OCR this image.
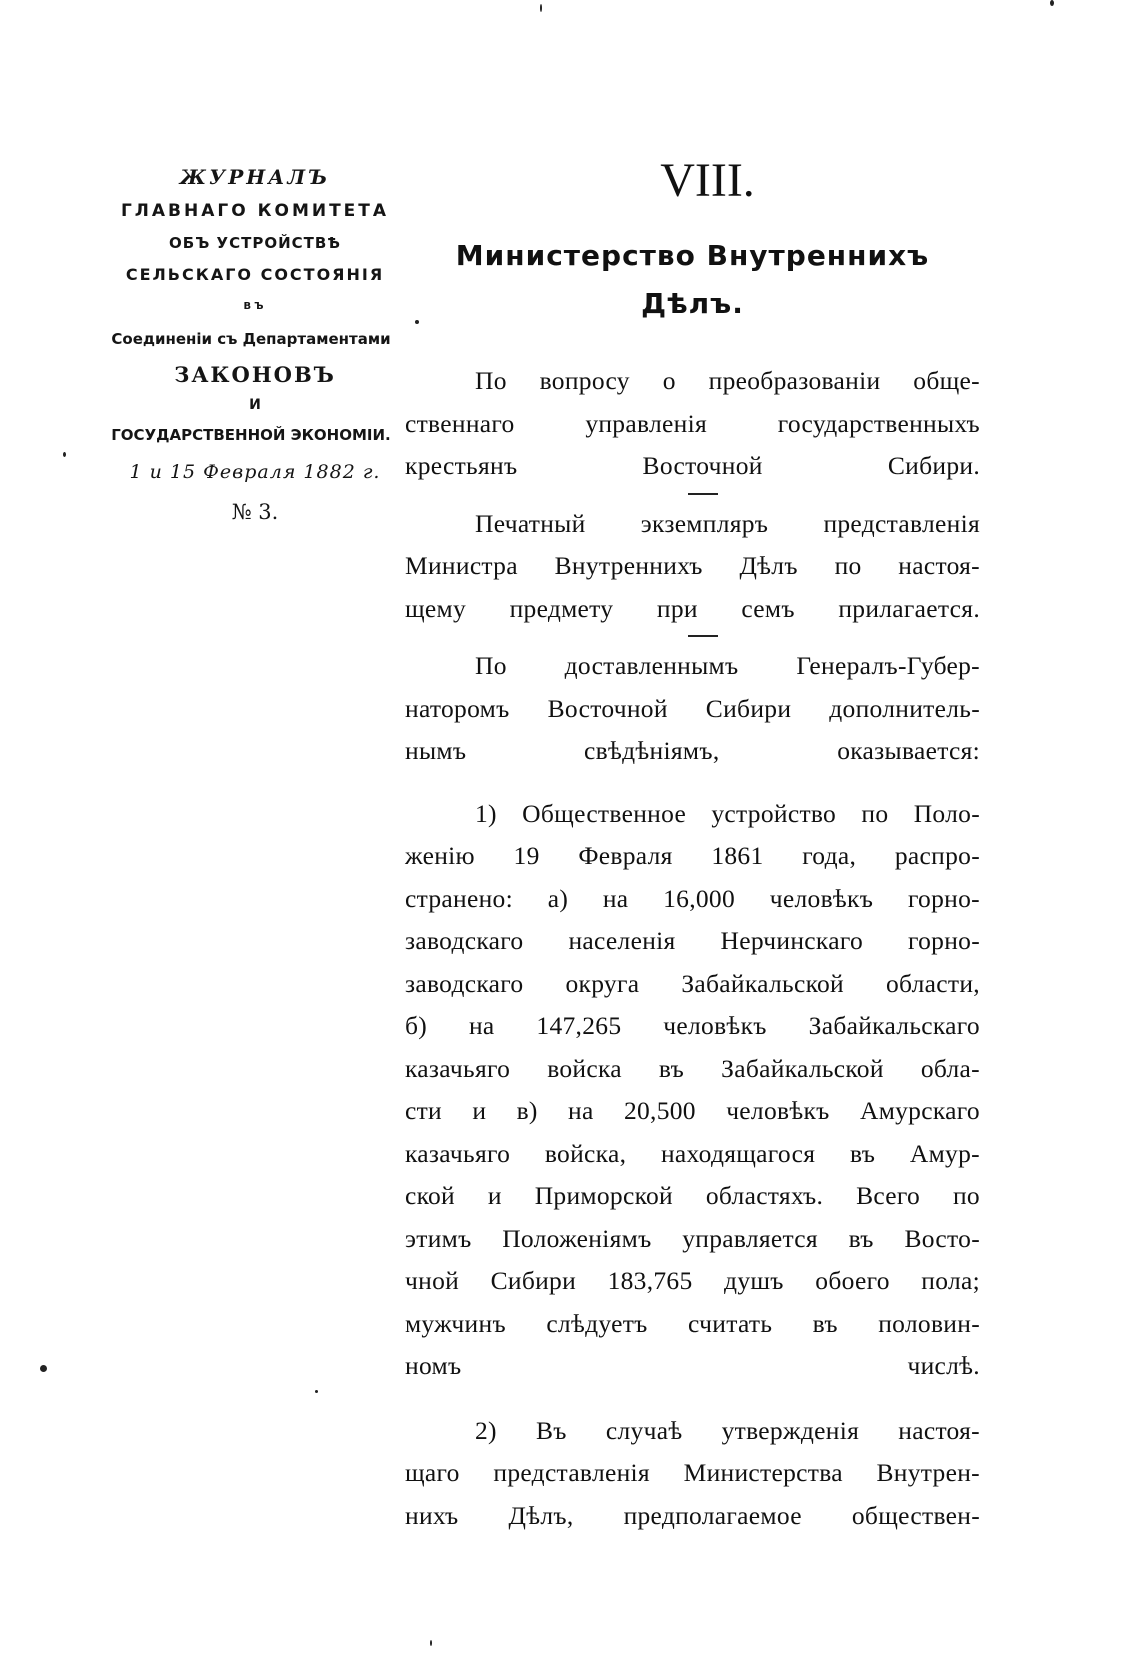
ЖУРНАЛЪ
ГЛАВНАГО КОМИТЕТА
ОБЪ УСТРОЙСТВѢ
СЕЛЬСКАГО СОСТОЯНІЯ
ВЪ
Соединеніи съ Департаментами
ЗАКОНОВЪ
И
ГОСУДАРСТВЕННОЙ ЭКОНОМІИ.
1 и 15 Февраля 1882 г.
№ 3.
VIII.
Министерство Внутреннихъ
Дѣлъ.
По вопросу о преобразованіи обще-
ственнаго	управленія	государственныхъ
крестьянъ Восточной Сибири.
Печатный экземпляръ представленія
Министра Внутреннихъ Дѣлъ по настоя-
щему предмету при семъ прилагается.
По доставленнымъ Генералъ-Губер-
наторомъ Восточной Сибири дополнитель-
нымъ свѣдѣніямъ, оказывается:
1) Общественное устройство по Поло-
женію 19 Февраля 1861 года, распро-
странено: а) на 16,000 человѣкъ горно-
заводскаго населенія Нерчинскаго горно-
заводскаго округа Забайкальской области,
б) на 147,265 человѣкъ Забайкальскаго
казачьяго войска въ Забайкальской обла-
сти и в) на 20,500 человѣкъ Амурскаго
казачьяго войска, находящагося въ Амур-
ской и Приморской областяхъ. Всего по
этимъ Положеніямъ управляется въ Восто-
чной Сибири 183,765 душъ обоего пола;
мужчинъ слѣдуетъ считать въ половин-
номъ числѣ.
2) Въ случаѣ утвержденія настоя-
щаго представленія Министерства Внутрен-
нихъ Дѣлъ, предполагаемое обществен-
